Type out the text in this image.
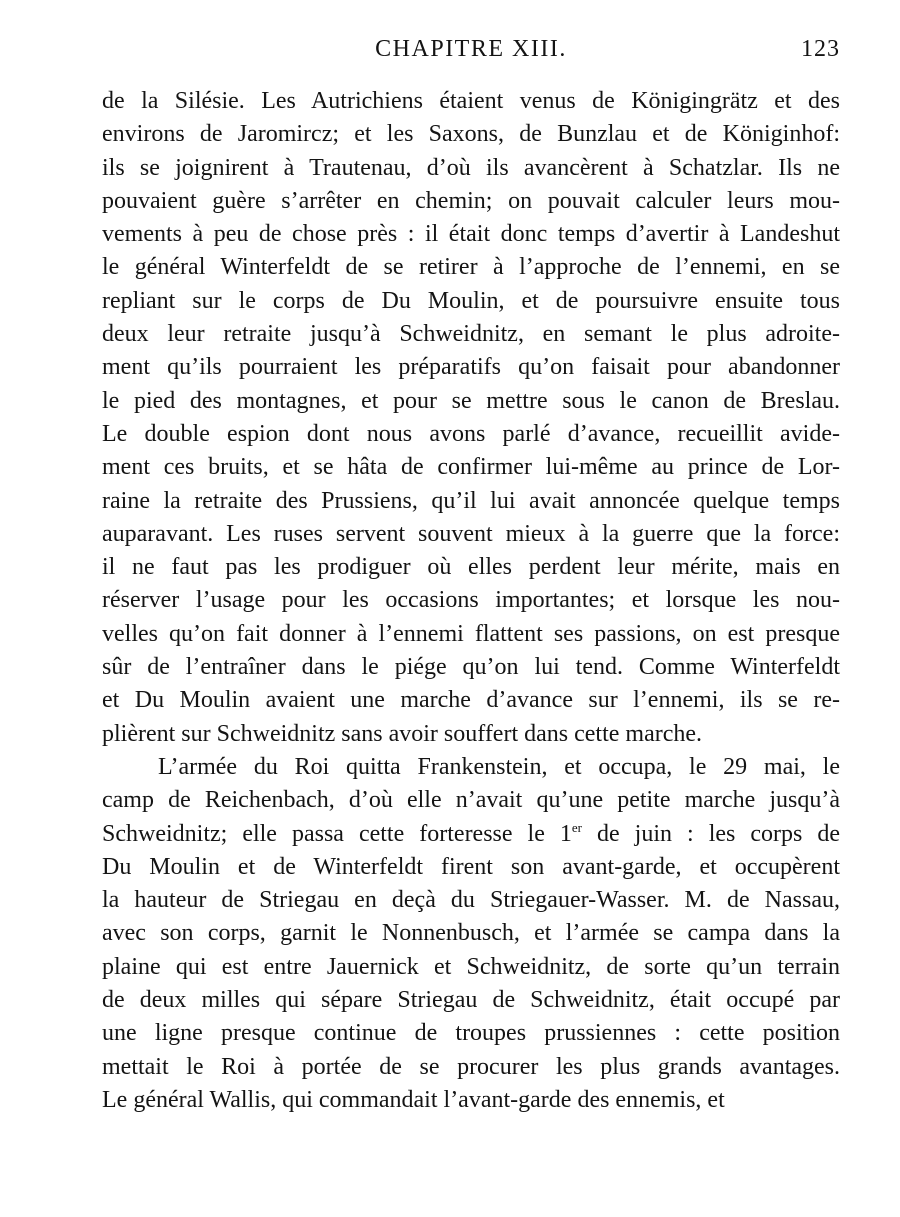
CHAPITRE XIII.	123
de la Silésie. Les Autrichiens étaient venus de Königingrätz et des
environs de Jaromircz; et les Saxons, de Bunzlau et de Königinhof:
ils se joignirent à Trautenau, d’où ils avancèrent à Schatzlar. Ils ne
pouvaient guère s’arrêter en chemin; on pouvait calculer leurs mou-
vements à peu de chose près : il était donc temps d’avertir à Landeshut
le général Winterfeldt de se retirer à l’approche de l’ennemi, en se
repliant sur le corps de Du Moulin, et de poursuivre ensuite tous
deux leur retraite jusqu’à Schweidnitz, en semant le plus adroite-
ment qu’ils pourraient les préparatifs qu’on faisait pour abandonner
le pied des montagnes, et pour se mettre sous le canon de Breslau.
Le double espion dont nous avons parlé d’avance, recueillit avide-
ment ces bruits, et se hâta de confirmer lui-même au prince de Lor-
raine la retraite des Prussiens, qu’il lui avait annoncée quelque temps
auparavant. Les ruses servent souvent mieux à la guerre que la force:
il ne faut pas les prodiguer où elles perdent leur mérite, mais en
réserver l’usage pour les occasions importantes; et lorsque les nou-
velles qu’on fait donner à l’ennemi flattent ses passions, on est presque
sûr de l’entraîner dans le piége qu’on lui tend. Comme Winterfeldt
et Du Moulin avaient une marche d’avance sur l’ennemi, ils se re-
plièrent sur Schweidnitz sans avoir souffert dans cette marche.
L’armée du Roi quitta Frankenstein, et occupa, le 29 mai, le
camp de Reichenbach, d’où elle n’avait qu’une petite marche jusqu’à
Schweidnitz; elle passa cette forteresse le 1er de juin : les corps de
Du Moulin et de Winterfeldt firent son avant-garde, et occupèrent
la hauteur de Striegau en deçà du Striegauer-Wasser. M. de Nassau,
avec son corps, garnit le Nonnenbusch, et l’armée se campa dans la
plaine qui est entre Jauernick et Schweidnitz, de sorte qu’un terrain
de deux milles qui sépare Striegau de Schweidnitz, était occupé par
une ligne presque continue de troupes prussiennes : cette position
mettait le Roi à portée de se procurer les plus grands avantages.
Le général Wallis, qui commandait l’avant-garde des ennemis, et
